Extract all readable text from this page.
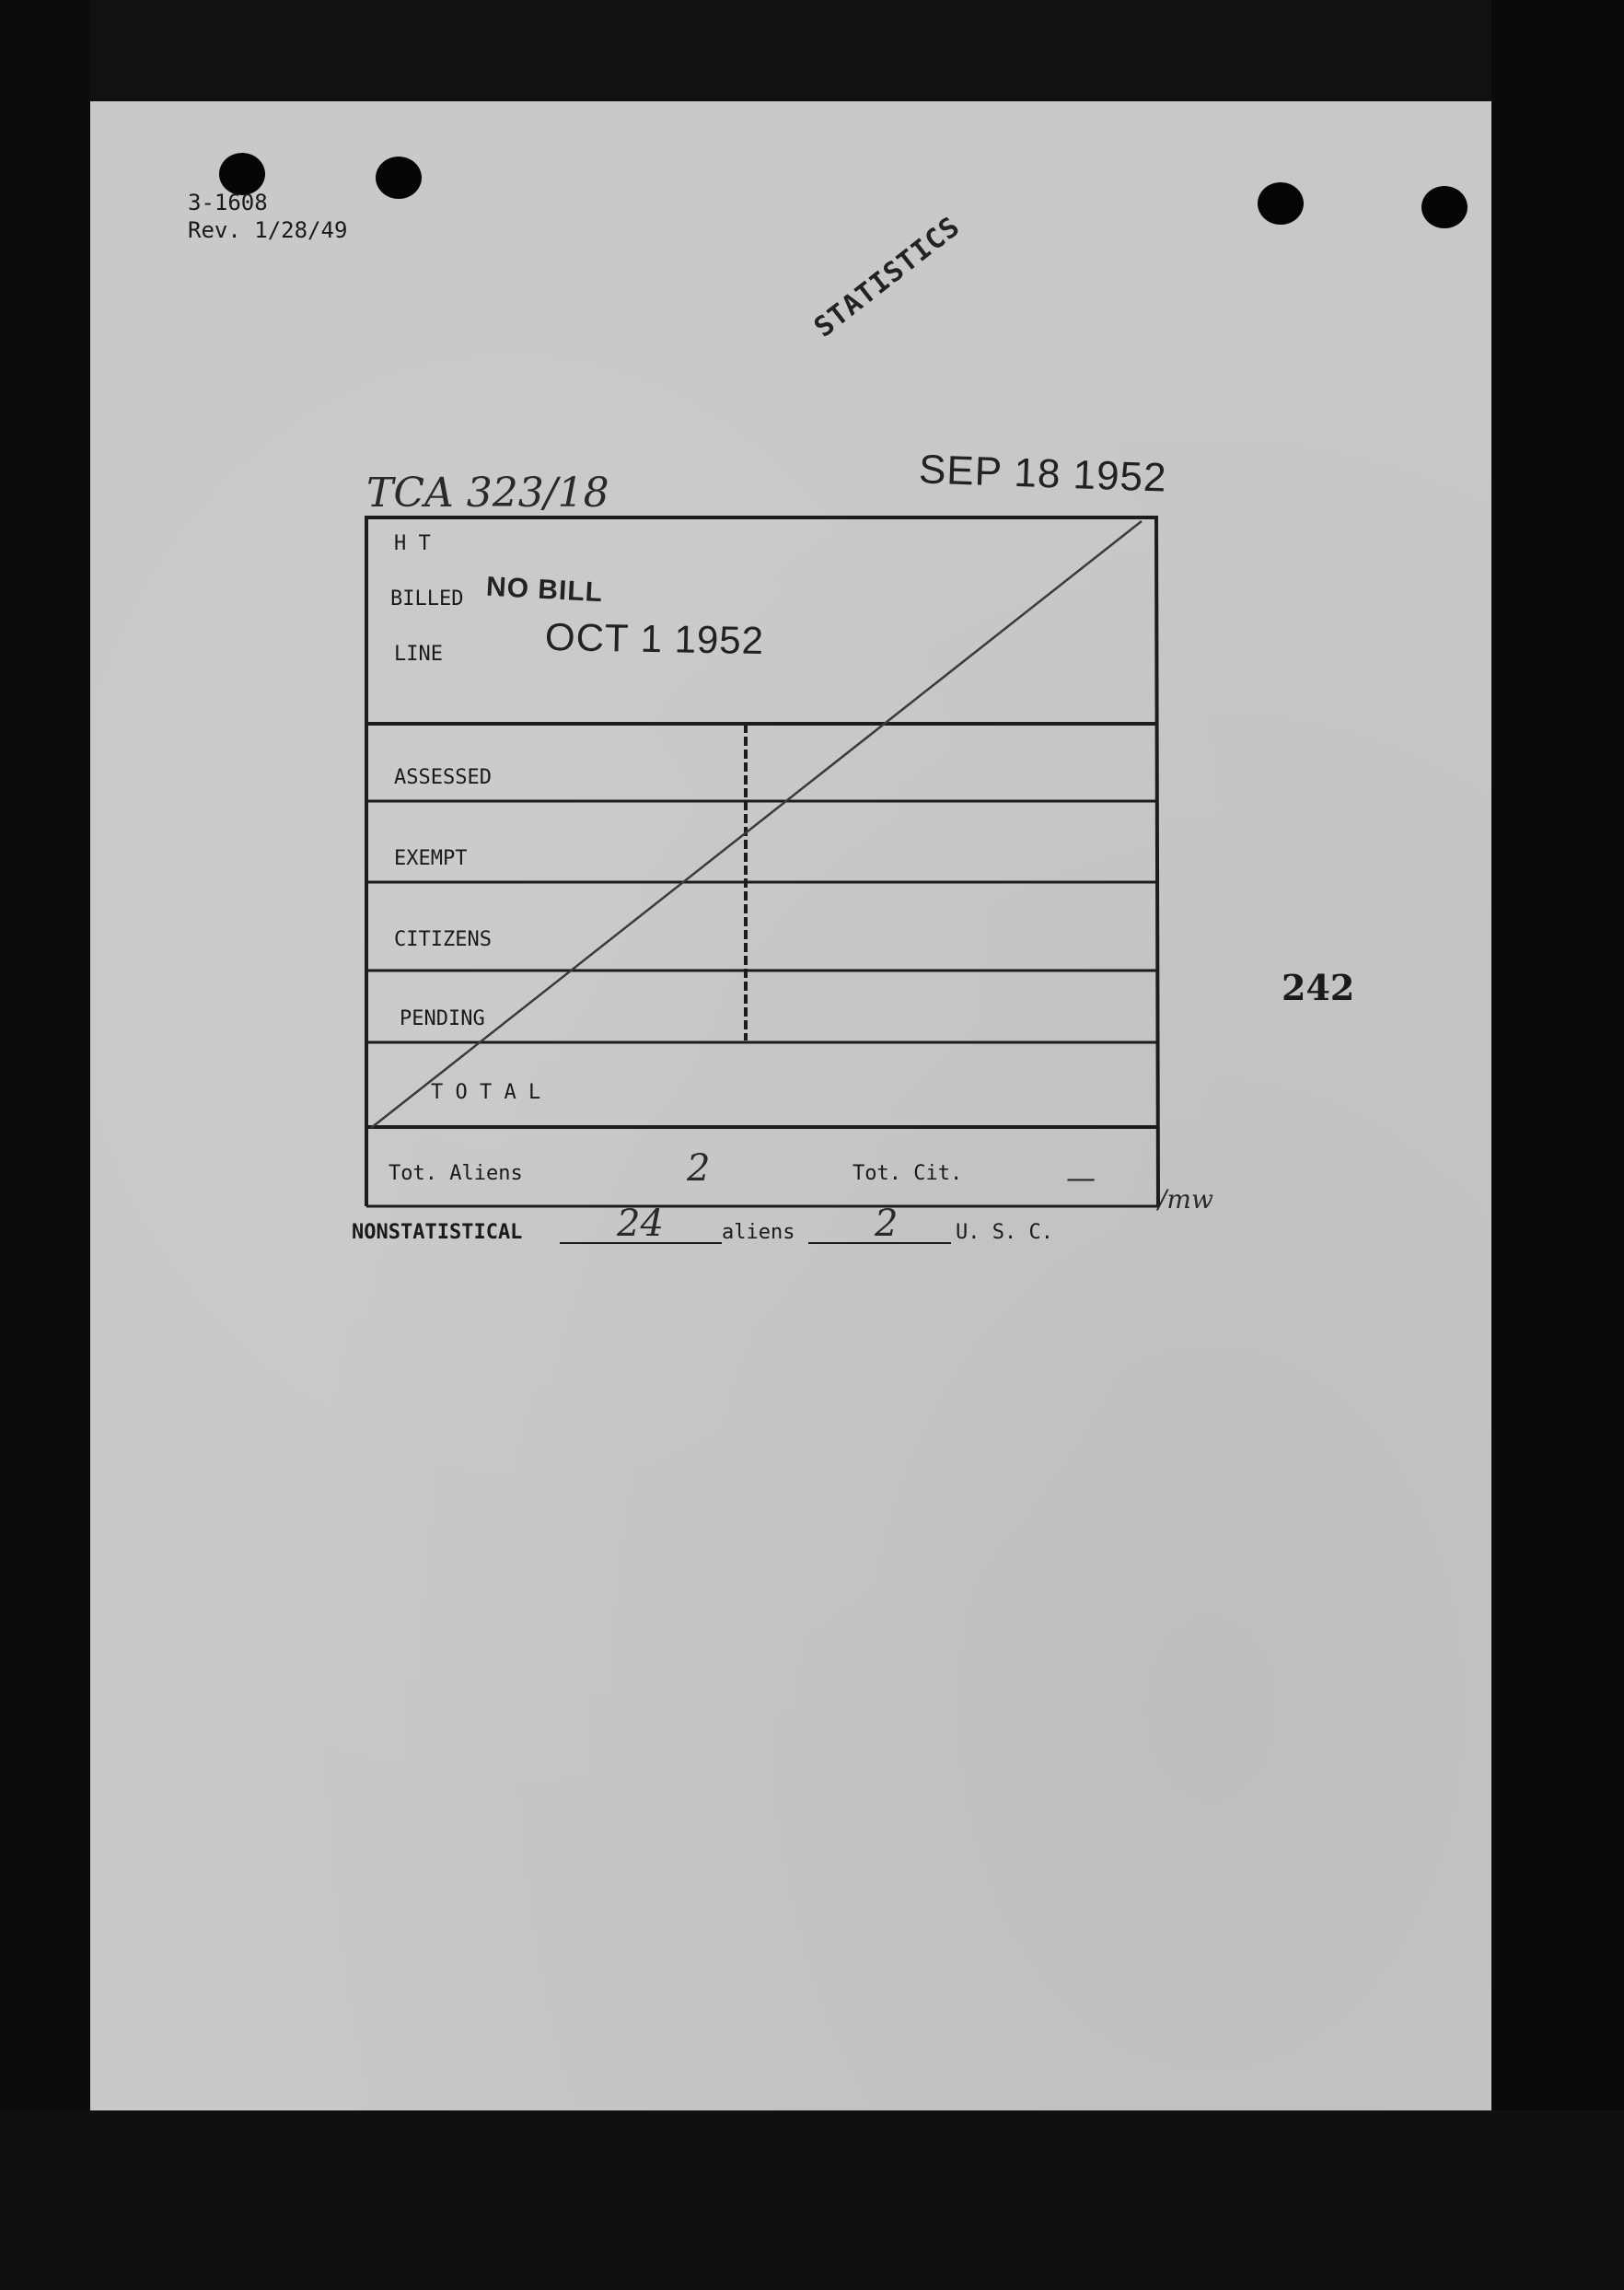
3-1608
Rev. 1/28/49	STATISTICS
TCA 323/18	SEP 18 1952
H T
BILLED NO BILL
LINE	OCT 1 1952
ASSESSED
EXEMPT
CITIZENS
PENDING
T O T A L
Tot. Aliens	2	Tot. Cit.	—
/mw
NONSTATISTICAL	24	aliens 2	U. S. C.
242
